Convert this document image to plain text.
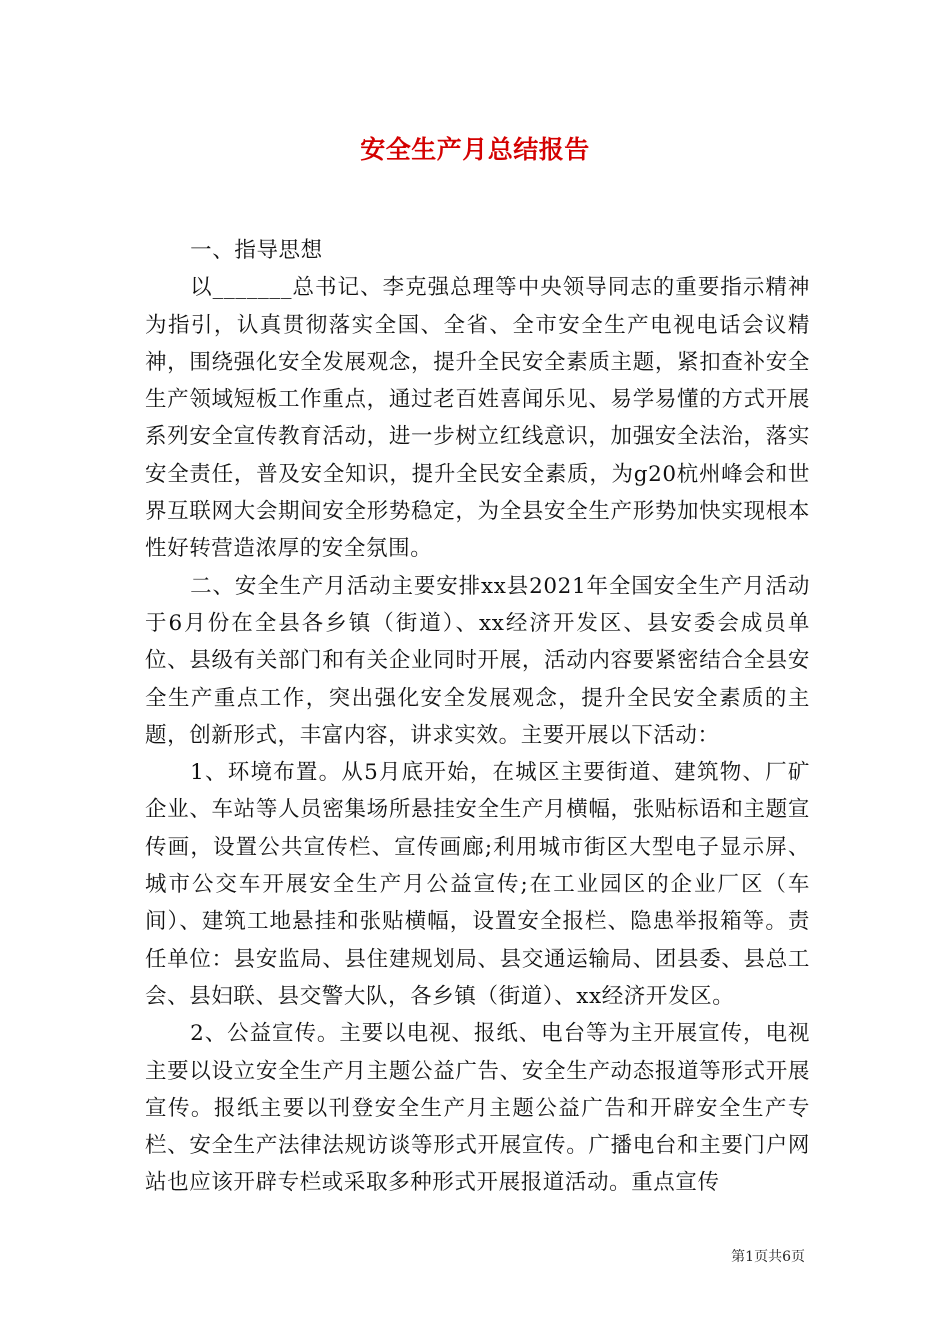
安全生产月总结报告

一、指导思想

以_______总书记、李克强总理等中央领导同志的重要指示精神为指引，认真贯彻落实全国、全省、全市安全生产电视电话会议精神，围绕强化安全发展观念，提升全民安全素质主题，紧扣查补安全生产领域短板工作重点，通过老百姓喜闻乐见、易学易懂的方式开展系列安全宣传教育活动，进一步树立红线意识，加强安全法治，落实安全责任，普及安全知识，提升全民安全素质，为g20杭州峰会和世界互联网大会期间安全形势稳定，为全县安全生产形势加快实现根本性好转营造浓厚的安全氛围。

二、安全生产月活动主要安排xx县2021年全国安全生产月活动于6月份在全县各乡镇（街道）、xx经济开发区、县安委会成员单位、县级有关部门和有关企业同时开展，活动内容要紧密结合全县安全生产重点工作，突出强化安全发展观念，提升全民安全素质的主题，创新形式，丰富内容，讲求实效。主要开展以下活动：

1、环境布置。从5月底开始，在城区主要街道、建筑物、厂矿企业、车站等人员密集场所悬挂安全生产月横幅，张贴标语和主题宣传画，设置公共宣传栏、宣传画廊;利用城市街区大型电子显示屏、城市公交车开展安全生产月公益宣传;在工业园区的企业厂区（车间）、建筑工地悬挂和张贴横幅，设置安全报栏、隐患举报箱等。责任单位：县安监局、县住建规划局、县交通运输局、团县委、县总工会、县妇联、县交警大队，各乡镇（街道）、xx经济开发区。

2、公益宣传。主要以电视、报纸、电台等为主开展宣传，电视主要以设立安全生产月主题公益广告、安全生产动态报道等形式开展宣传。报纸主要以刊登安全生产月主题公益广告和开辟安全生产专栏、安全生产法律法规访谈等形式开展宣传。广播电台和主要门户网站也应该开辟专栏或采取多种形式开展报道活动。重点宣传

第1页共6页
